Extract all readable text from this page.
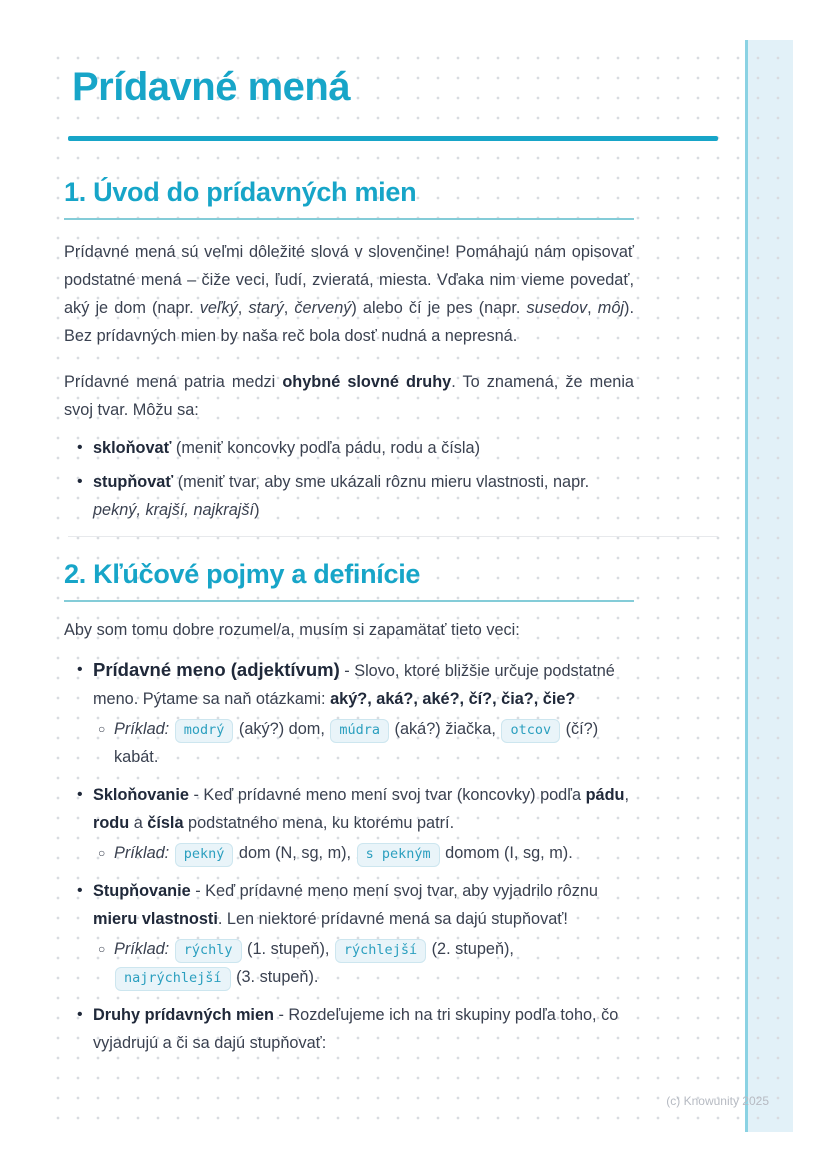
Prídavné mená
1. Úvod do prídavných mien

Prídavné mená sú veľmi dôležité slová v slovenčine! Pomáhajú nám opisovať podstatné mená – čiže veci, ľudí, zvieratá, miesta. Vďaka nim vieme povedať, aký je dom (napr. veľký, starý, červený) alebo čí je pes (napr. susedov, môj). Bez prídavných mien by naša reč bola dosť nudná a nepresná.

Prídavné mená patria medzi ohybné slovné druhy. To znamená, že menia svoj tvar. Môžu sa:

• skloňovať (meniť koncovky podľa pádu, rodu a čísla)
• stupňovať (meniť tvar, aby sme ukázali rôznu mieru vlastnosti, napr. pekný, krajší, najkrajší)
2. Kľúčové pojmy a definície

Aby som tomu dobre rozumel/a, musím si zapamätať tieto veci:

• Prídavné meno (adjektívum) - Slovo, ktoré bližšie určuje podstatné meno. Pýtame sa naň otázkami: aký?, aká?, aké?, čí?, čia?, čie?
○ Príklad: modrý (aký?) dom, múdra (aká?) žiačka, otcov (čí?) kabát.
• Skloňovanie - Keď prídavné meno mení svoj tvar (koncovky) podľa pádu, rodu a čísla podstatného mena, ku ktorému patrí.
○ Príklad: pekný dom (N, sg, m), s pekným domom (I, sg, m).
• Stupňovanie - Keď prídavné meno mení svoj tvar, aby vyjadrilo rôznu mieru vlastnosti. Len niektoré prídavné mená sa dajú stupňovať!
○ Príklad: rýchly (1. stupeň), rýchlejší (2. stupeň), najrýchlejší (3. stupeň).
• Druhy prídavných mien - Rozdeľujeme ich na tri skupiny podľa toho, čo vyjadrujú a či sa dajú stupňovať:
(c) Knowunity 2025
